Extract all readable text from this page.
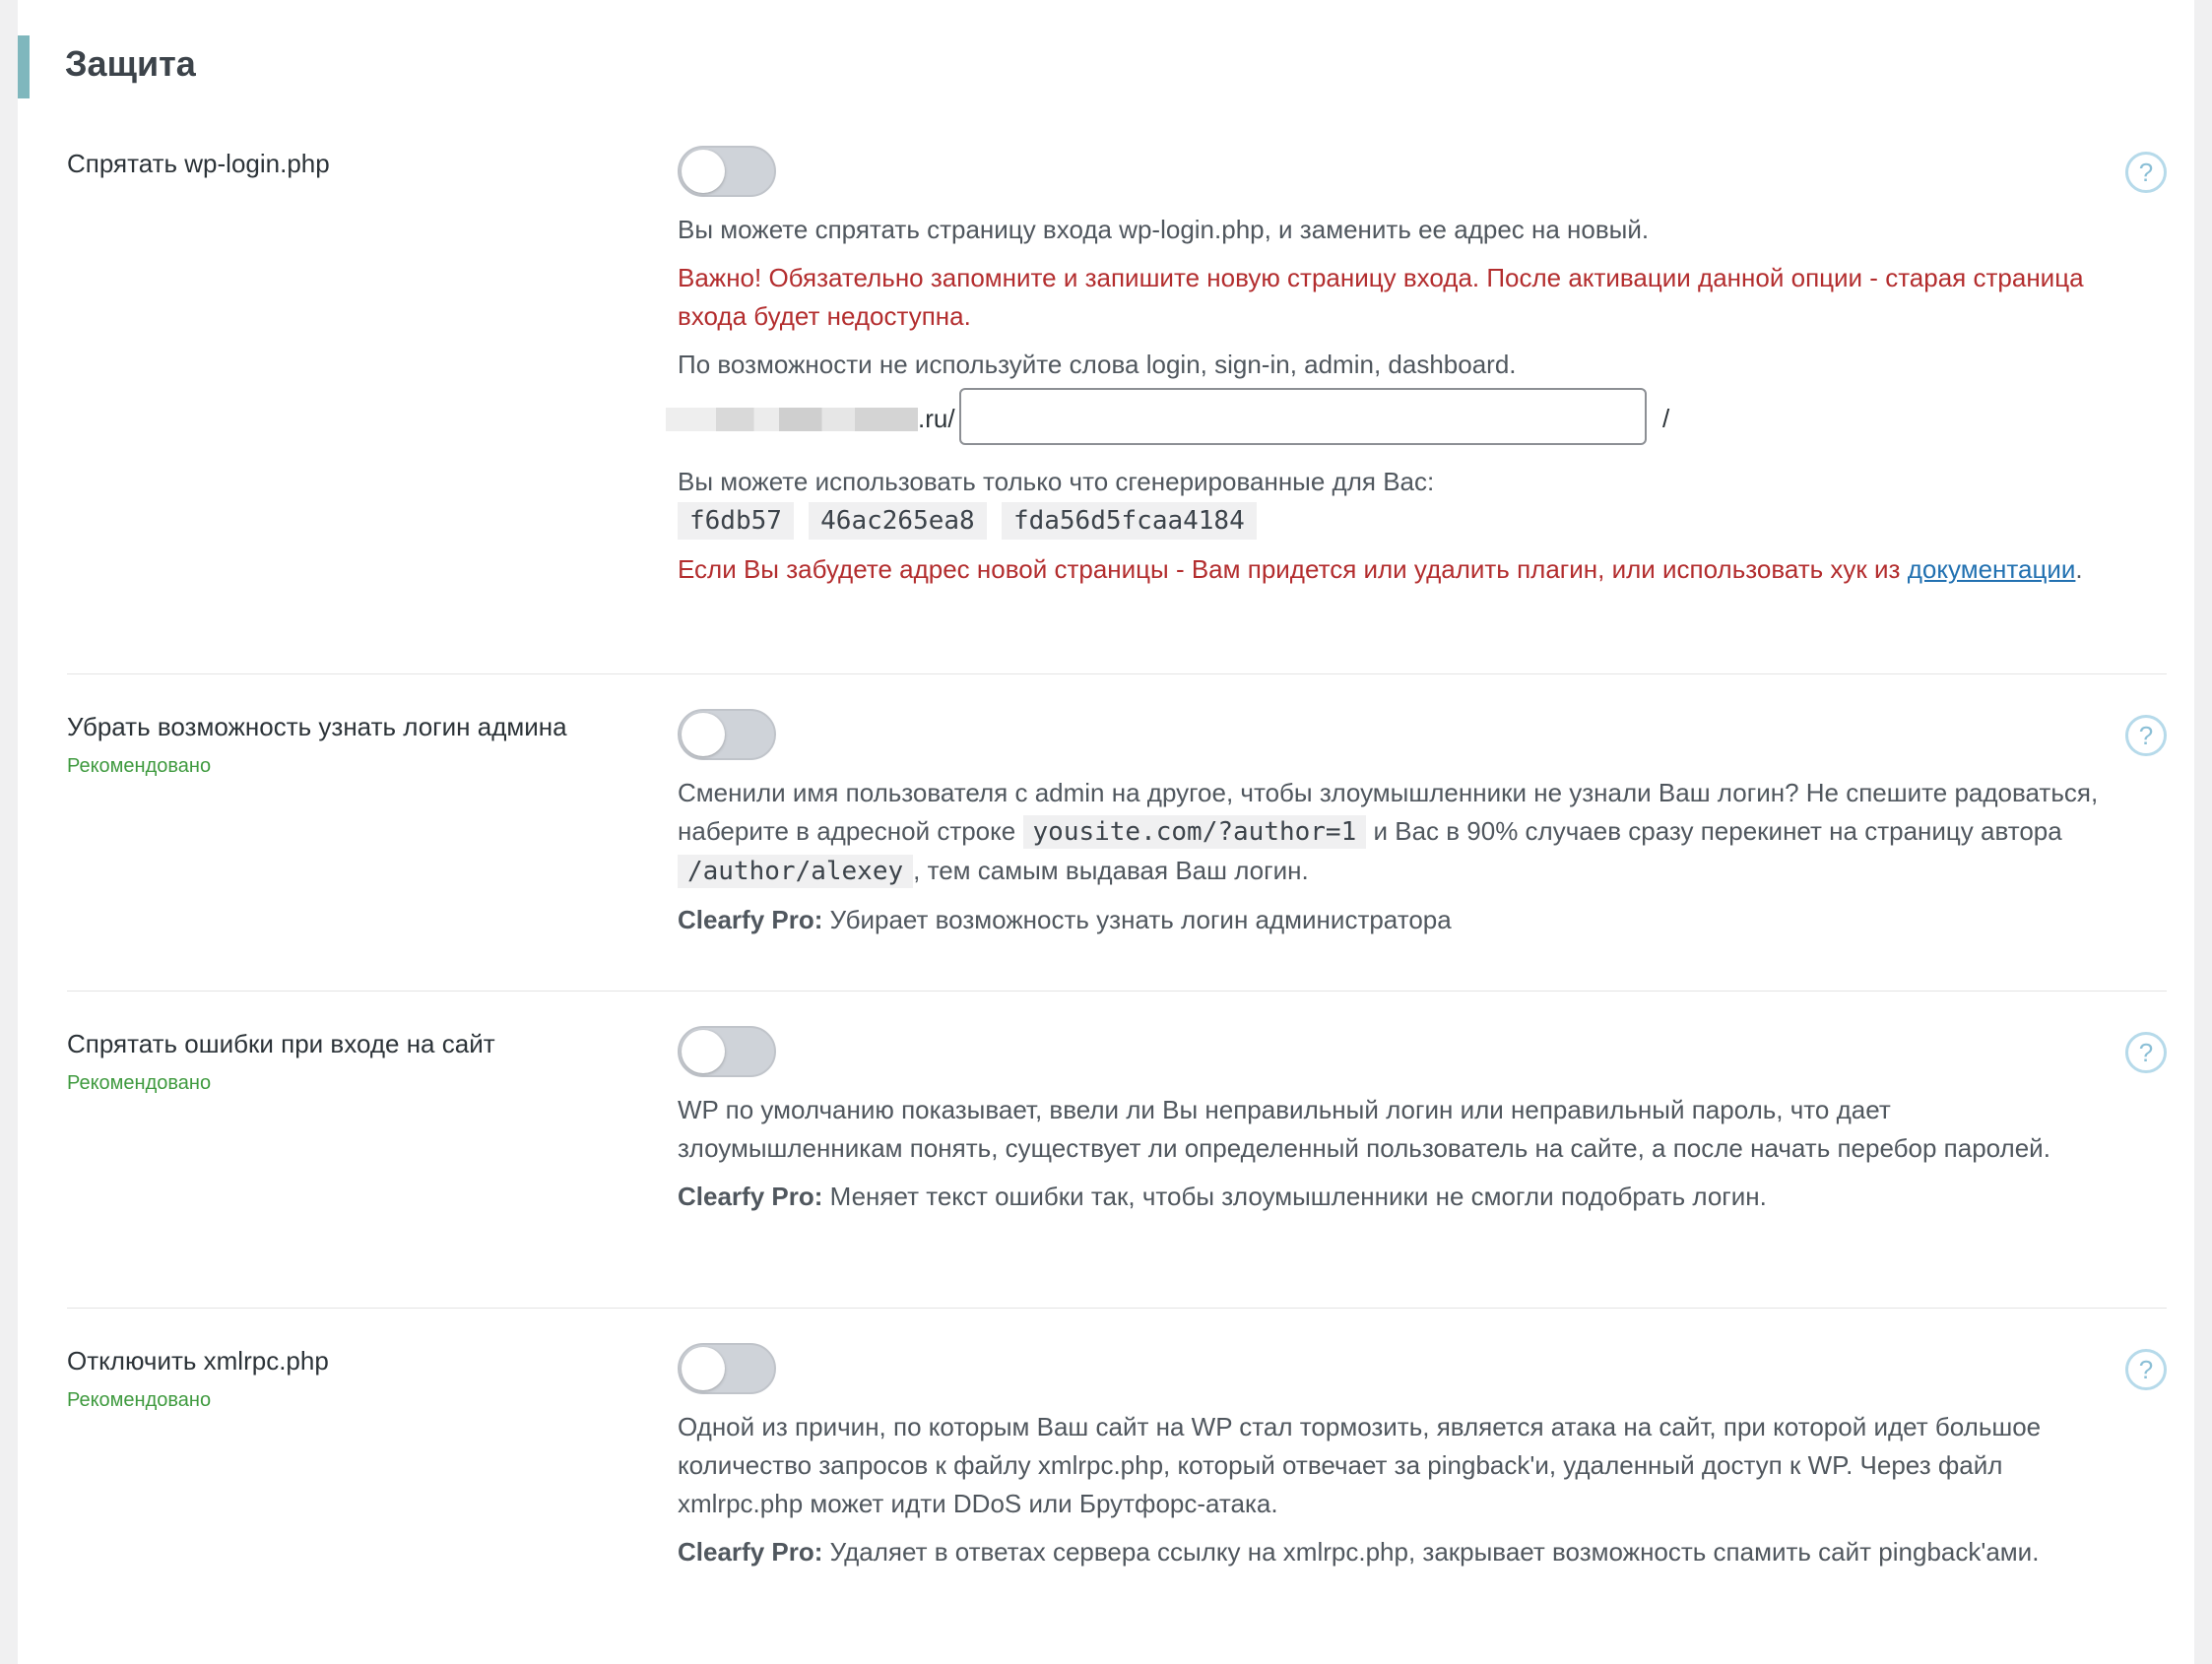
Защита
Спрятать wp-login.php	?

Вы можете спрятать страницу входа wp-login.php, и заменить ее адрес на новый.

Важно! Обязательно запомните и запишите новую страницу входа. После активации данной опции - старая страница входа будет недоступна.

По возможности не используйте слова login, sign-in, admin, dashboard.

.ru/	/

Вы можете использовать только что сгенерированные для Вас:

f6db57 46ac265ea8 fda56d5fcaa4184

Если Вы забудете адрес новой страницы - Вам придется или удалить плагин, или использовать хук из документации.

Убрать возможность узнать логин админа
Рекомендовано
?

Сменили имя пользователя с admin на другое, чтобы злоумышленники не узнали Ваш логин? Не спешите радоваться, наберите в адресной строке yousite.com/?author=1 и Вас в 90% случаев сразу перекинет на страницу автора /author/alexey , тем самым выдавая Ваш логин.

Clearfy Pro: Убирает возможность узнать логин администратора

Спрятать ошибки при входе на сайт
Рекомендовано
?

WP по умолчанию показывает, ввели ли Вы неправильный логин или неправильный пароль, что дает злоумышленникам понять, существует ли определенный пользователь на сайте, а после начать перебор паролей.

Clearfy Pro: Меняет текст ошибки так, чтобы злоумышленники не смогли подобрать логин.

Отключить xmlrpc.php
Рекомендовано
?

Одной из причин, по которым Ваш сайт на WP стал тормозить, является атака на сайт, при которой идет большое количество запросов к файлу xmlrpc.php, который отвечает за pingback'и, удаленный доступ к WP. Через файл xmlrpc.php может идти DDoS или Брутфорс-атака.

Clearfy Pro: Удаляет в ответах сервера ссылку на xmlrpc.php, закрывает возможность спамить сайт pingback'ами.
